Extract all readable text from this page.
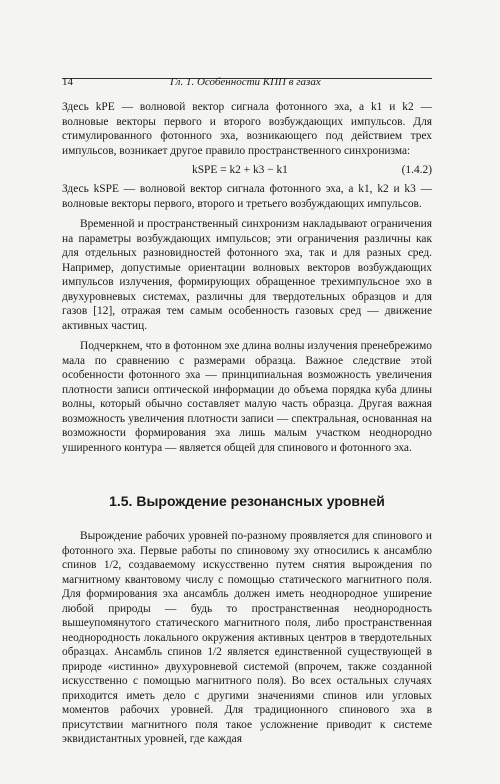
14	Гл. 1. Особенности КПП в газах

Здесь kPE — волновой вектор сигнала фотонного эха, а k1 и k2 — волновые векторы первого и второго возбуждающих импульсов. Для стимулированного фотонного эха, возникающего под действием трех импульсов, возникает другое правило пространственного синхронизма:

kSPE = k2 + k3 − k1	(1.4.2)

Здесь kSPE — волновой вектор сигнала фотонного эха, а k1, k2 и k3 — волновые векторы первого, второго и третьего возбуждающих импульсов.

Временной и пространственный синхронизм накладывают ограничения на параметры возбуждающих импульсов; эти ограничения различны как для отдельных разновидностей фотонного эха, так и для разных сред. Например, допустимые ориентации волновых векторов возбуждающих импульсов излучения, формирующих обращенное трехимпульсное эхо в двухуровневых системах, различны для твердотельных образцов и для газов [12], отражая тем самым особенность газовых сред — движение активных частиц.

Подчеркнем, что в фотонном эхе длина волны излучения пренебрежимо мала по сравнению с размерами образца. Важное следствие этой особенности фотонного эха — принципиальная возможность увеличения плотности записи оптической информации до объема порядка куба длины волны, который обычно составляет малую часть образца. Другая важная возможность увеличения плотности записи — спектральная, основанная на возможности формирования эха лишь малым участком неоднородно уширенного контура — является общей для спинового и фотонного эха.

1.5. Вырождение резонансных уровней

Вырождение рабочих уровней по-разному проявляется для спинового и фотонного эха. Первые работы по спиновому эху относились к ансамблю спинов 1/2, создаваемому искусственно путем снятия вырождения по магнитному квантовому числу с помощью статического магнитного поля. Для формирования эха ансамбль должен иметь неоднородное уширение любой природы — будь то пространственная неоднородность вышеупомянутого статического магнитного поля, либо пространственная неоднородность локального окружения активных центров в твердотельных образцах. Ансамбль спинов 1/2 является единственной существующей в природе «истинно» двухуровневой системой (впрочем, также созданной искусственно с помощью магнитного поля). Во всех остальных случаях приходится иметь дело с другими значениями спинов или угловых моментов рабочих уровней. Для традиционного спинового эха в присутствии магнитного поля такое усложнение приводит к системе эквидистантных уровней, где каждая
